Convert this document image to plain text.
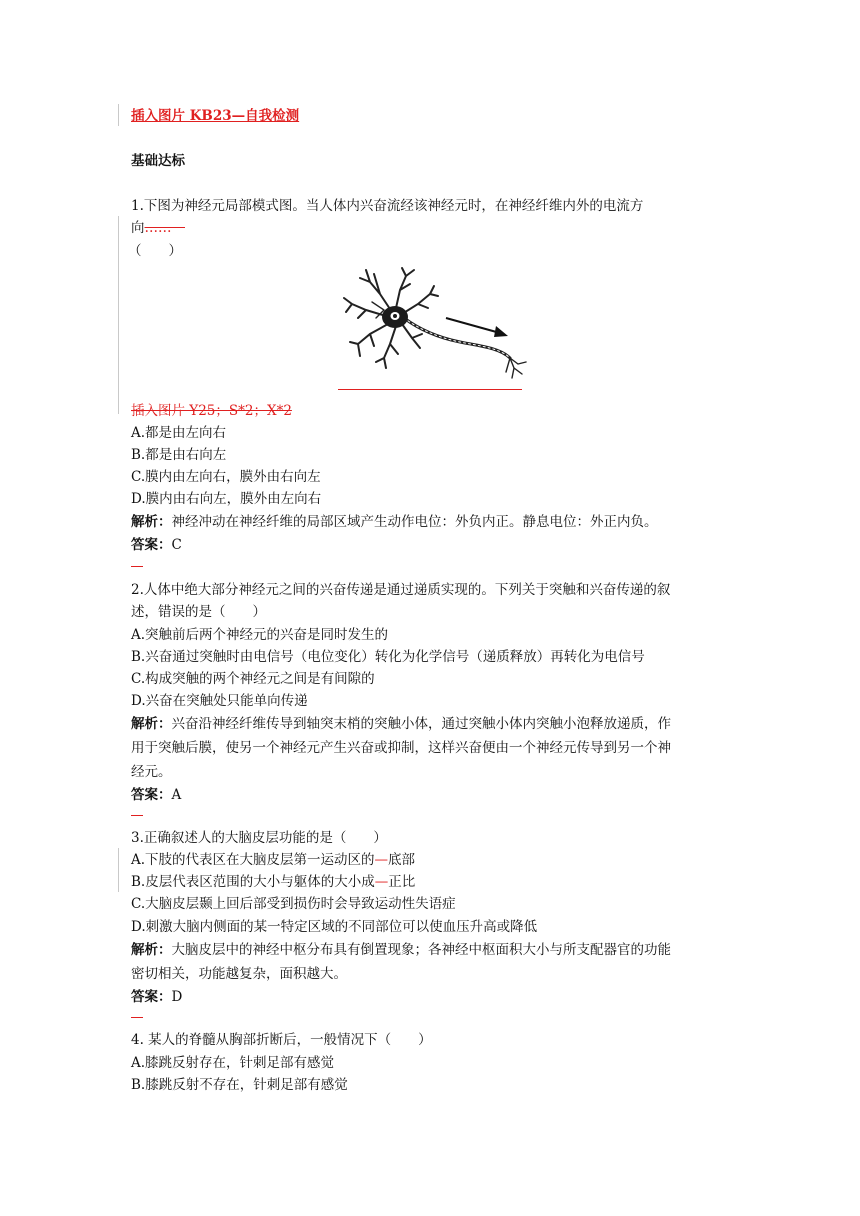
插入图片 KB23—自我检测
基础达标
1.下图为神经元局部模式图。当人体内兴奋流经该神经元时，在神经纤维内外的电流方
向……　
（　　）
插入图片 Y25；S*2；X*2
A.都是由左向右
B.都是由右向左
C.膜内由左向右，膜外由右向左
D.膜内由右向左，膜外由左向右
解析：神经冲动在神经纤维的局部区域产生动作电位：外负内正。静息电位：外正内负。
答案：C
2.人体中绝大部分神经元之间的兴奋传递是通过递质实现的。下列关于突触和兴奋传递的叙
述，错误的是（　　）
A.突触前后两个神经元的兴奋是同时发生的
B.兴奋通过突触时由电信号（电位变化）转化为化学信号（递质释放）再转化为电信号
C.构成突触的两个神经元之间是有间隙的
D.兴奋在突触处只能单向传递
解析：兴奋沿神经纤维传导到轴突末梢的突触小体，通过突触小体内突触小泡释放递质，作
用于突触后膜，使另一个神经元产生兴奋或抑制，这样兴奋便由一个神经元传导到另一个神
经元。
答案：A
3.正确叙述人的大脑皮层功能的是（　　）
A.下肢的代表区在大脑皮层第一运动区的—底部
B.皮层代表区范围的大小与躯体的大小成—正比
C.大脑皮层颞上回后部受到损伤时会导致运动性失语症
D.刺激大脑内侧面的某一特定区域的不同部位可以使血压升高或降低
解析：大脑皮层中的神经中枢分布具有倒置现象；各神经中枢面积大小与所支配器官的功能
密切相关，功能越复杂，面积越大。
答案：D
4. 某人的脊髓从胸部折断后，一般情况下（　　）
A.膝跳反射存在，针刺足部有感觉
B.膝跳反射不存在，针刺足部有感觉
